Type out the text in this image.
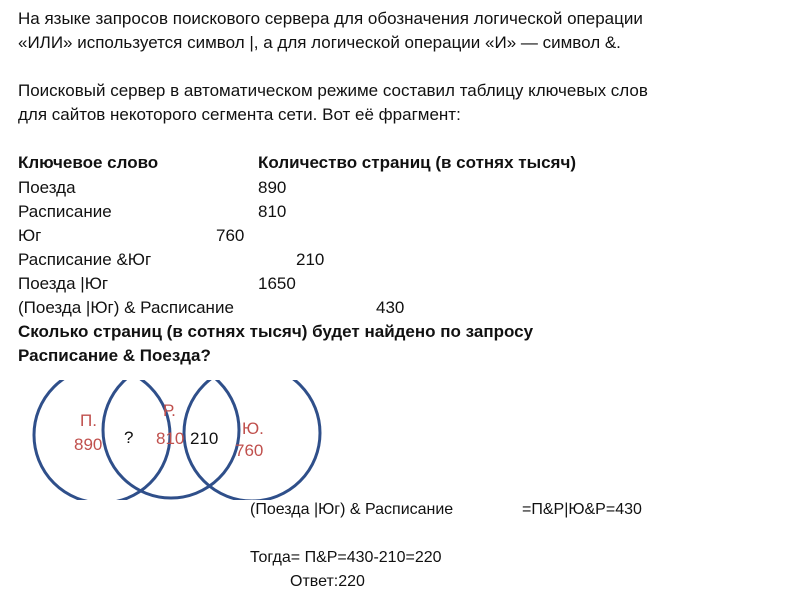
На языке запросов поискового сервера для обозначения логической операции
«ИЛИ» используется символ |, а для логической операции «И» — символ &.
Поисковый сервер в автоматическом режиме составил таблицу ключевых слов
для сайтов некоторого сегмента сети. Вот её фрагмент:
Ключевое слово	Количество страниц (в сотнях тысяч)
Поезда	890
Расписание	810
Юг	760
Расписание &Юг	210
Поезда |Юг	1650
(Поезда |Юг) & Расписание	430
Сколько страниц (в сотнях тысяч) будет найдено по запросу
Расписание & Поезда?
П.
890
Р.
810
Ю.
760
?	210
(Поезда |Юг) & Расписание	=П&Р|Ю&Р=430
Тогда= П&Р=430-210=220
Ответ:220
